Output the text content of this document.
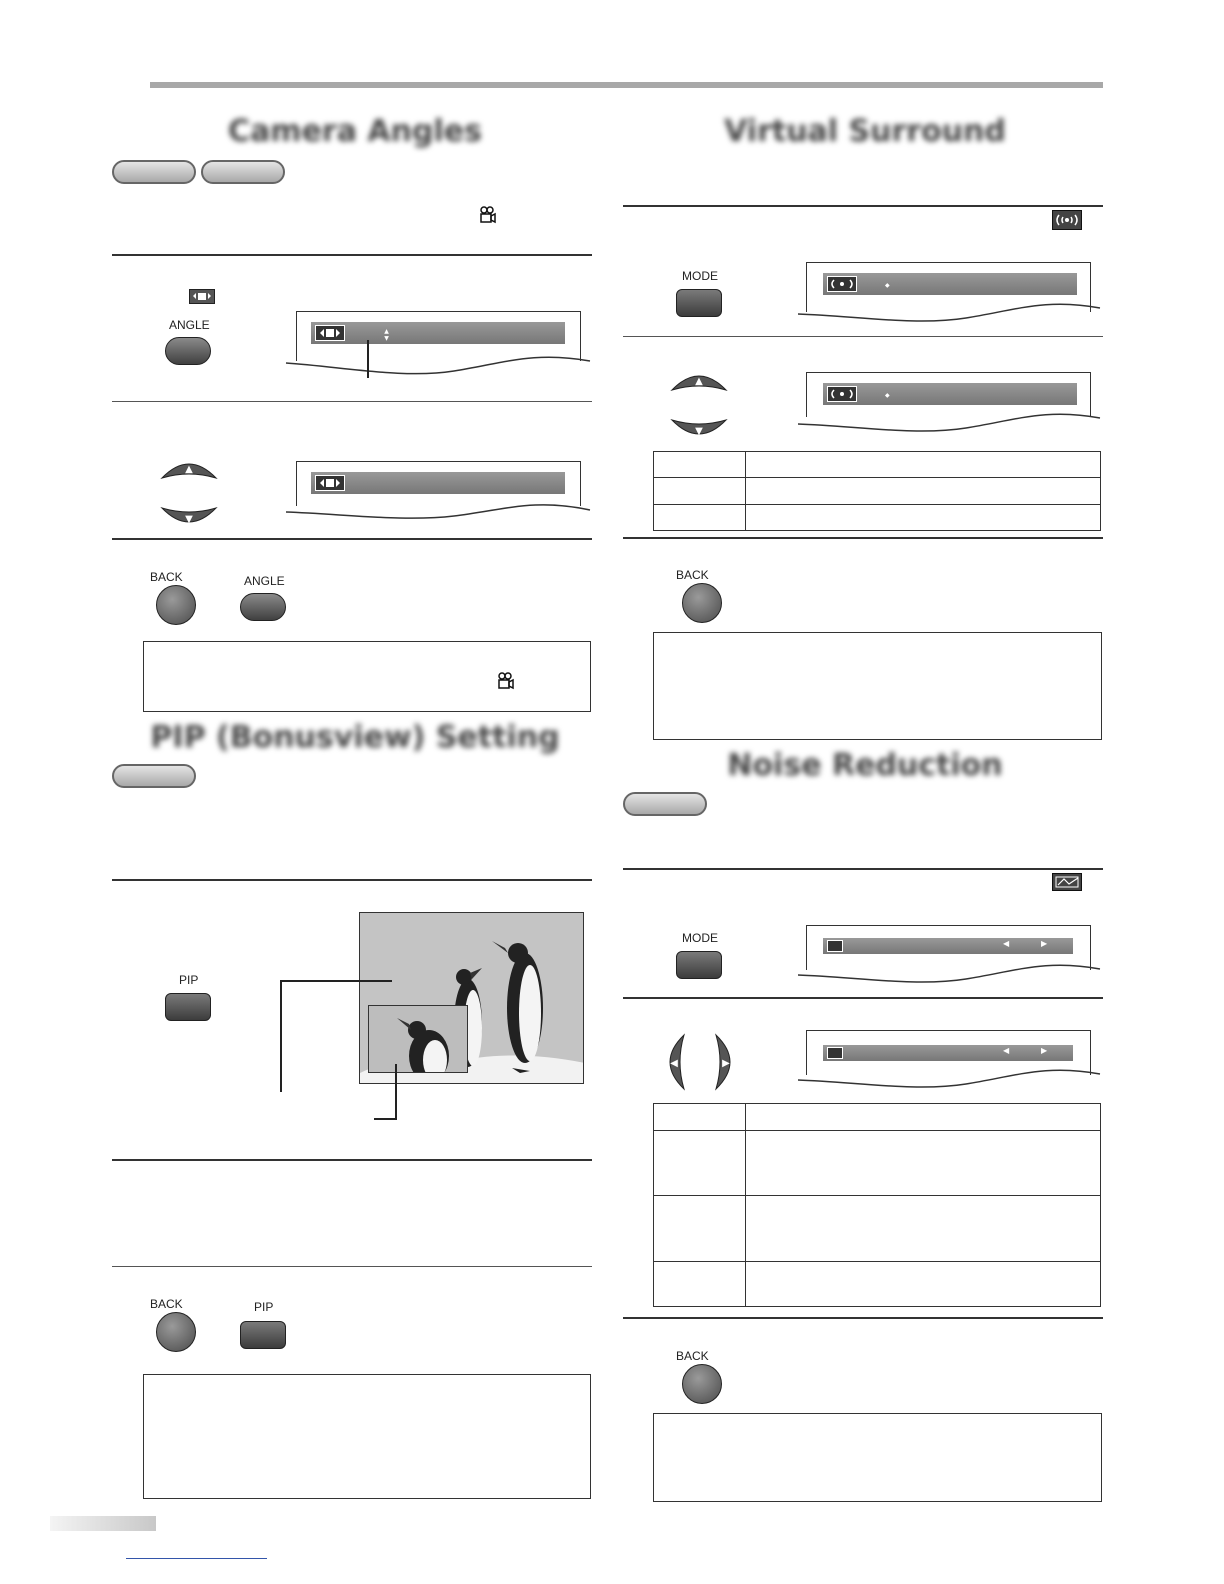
Camera Angles
ANGLE
▲▼
▲
▼
BACK	ANGLE
PIP (Bonusview) Setting
PIP
BACK	PIP
Virtual Surround
MODE
◆
▲
▼
◆

BACK
Noise Reduction
MODE	◀	▶
◀	▶
◀	▶

BACK
